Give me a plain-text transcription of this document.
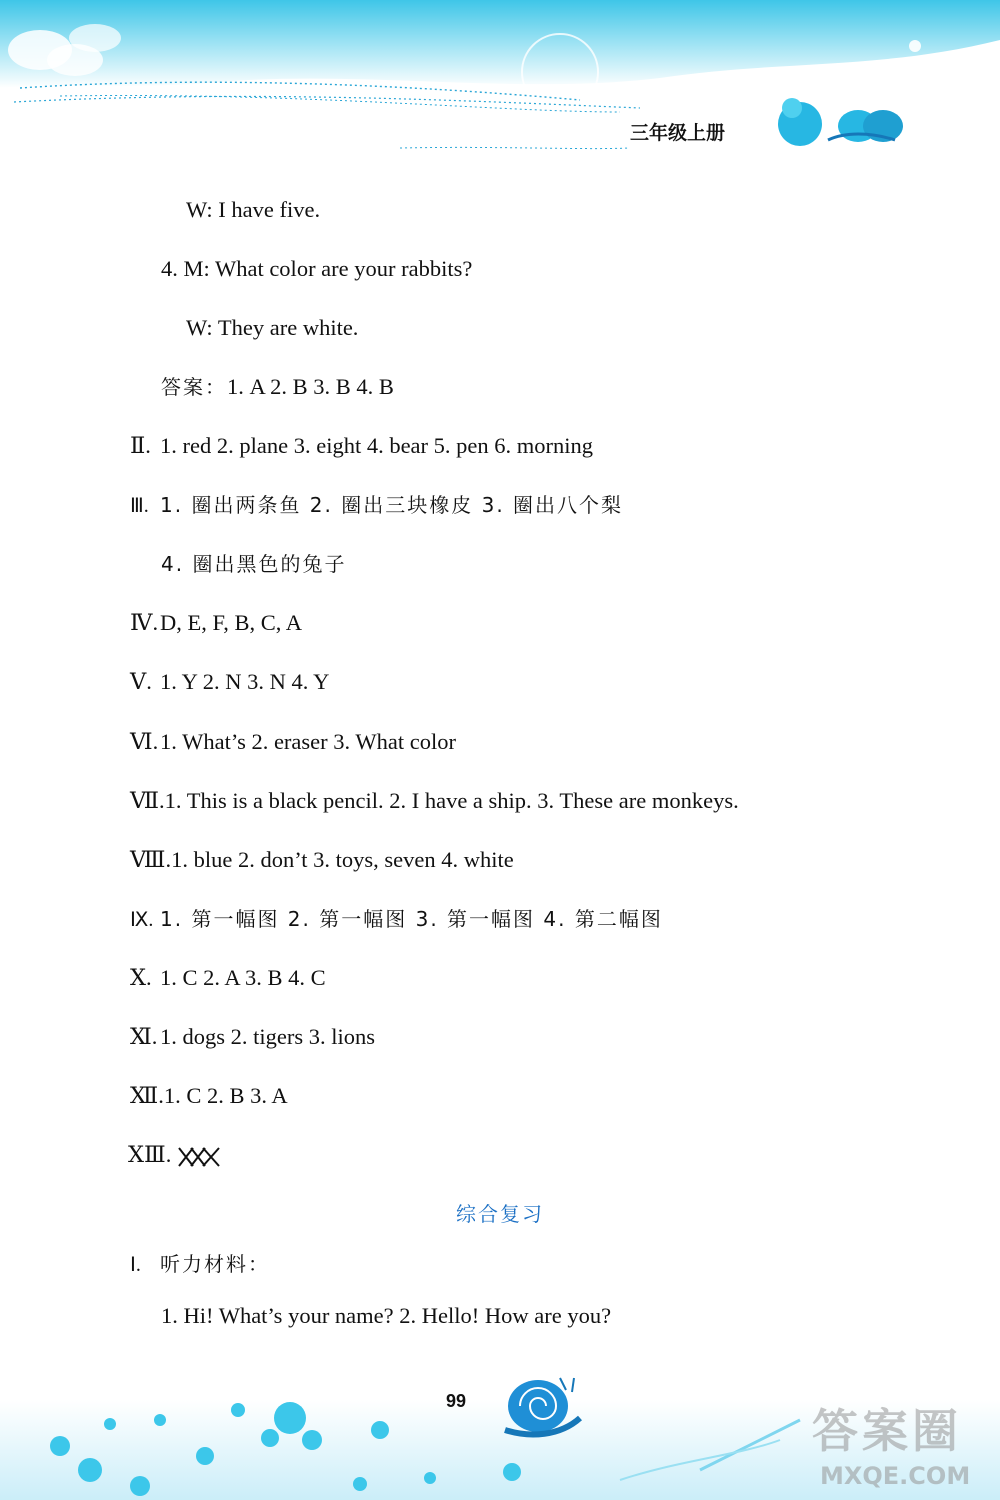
三年级上册
W: I have five.
4. M: What color are your rabbits?
W: They are white.
答案：1. A 2. B 3. B 4. B
Ⅱ. 1. red 2. plane 3. eight 4. bear 5. pen 6. morning
Ⅲ. 1. 圈出两条鱼 2. 圈出三块橡皮 3. 圈出八个梨
4. 圈出黑色的兔子
Ⅳ.D, E, F, B, C, A
Ⅴ. 1. Y 2. N 3. N 4. Y
Ⅵ.1. What’s 2. eraser 3. What color
Ⅶ.1. This is a black pencil. 2. I have a ship. 3. These are monkeys.
Ⅷ.1. blue 2. don’t 3. toys, seven 4. white
Ⅸ. 1. 第一幅图 2. 第一幅图 3. 第一幅图 4. 第二幅图
Ⅹ. 1. C 2. A 3. B 4. C
Ⅺ. 1. dogs 2. tigers 3. lions
Ⅻ.1. C 2. B 3. A
ⅩⅢ.
综合复习
Ⅰ. 听力材料：
1. Hi! What’s your name? 2. Hello! How are you?
99
答案圈
MXQE.COM
